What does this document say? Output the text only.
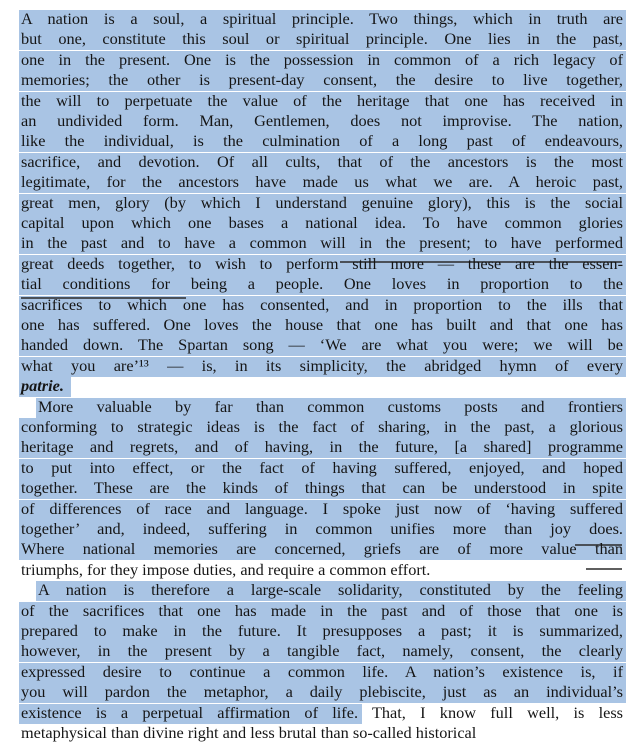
A nation is a soul, a spiritual principle. Two things, which in truth are
but one, constitute this soul or spiritual principle. One lies in the past,
one in the present. One is the possession in common of a rich legacy of
memories; the other is present-day consent, the desire to live together,
the will to perpetuate the value of the heritage that one has received in
an undivided form. Man, Gentlemen, does not improvise. The nation,
like the individual, is the culmination of a long past of endeavours,
sacrifice, and devotion. Of all cults, that of the ancestors is the most
legitimate, for the ancestors have made us what we are. A heroic past,
great men, glory (by which I understand genuine glory), this is the social
capital upon which one bases a national idea. To have common glories
in the past and to have a common will in the present; to have performed
great deeds together, to wish to perform still more — these are the essen-
tial conditions for being a people. One loves in proportion to the
sacrifices to which one has consented, and in proportion to the ills that
one has suffered. One loves the house that one has built and that one has
handed down. The Spartan song — ‘We are what you were; we will be
what you are’¹³ — is, in its simplicity, the abridged hymn of every
patrie.
More valuable by far than common customs posts and frontiers
conforming to strategic ideas is the fact of sharing, in the past, a glorious
heritage and regrets, and of having, in the future, [a shared] programme
to put into effect, or the fact of having suffered, enjoyed, and hoped
together. These are the kinds of things that can be understood in spite
of differences of race and language. I spoke just now of ‘having suffered
together’ and, indeed, suffering in common unifies more than joy does.
Where national memories are concerned, griefs are of more value than
triumphs, for they impose duties, and require a common effort.
A nation is therefore a large-scale solidarity, constituted by the feeling
of the sacrifices that one has made in the past and of those that one is
prepared to make in the future. It presupposes a past; it is summarized,
however, in the present by a tangible fact, namely, consent, the clearly
expressed desire to continue a common life. A nation’s existence is, if
you will pardon the metaphor, a daily plebiscite, just as an individual’s
existence is a perpetual affirmation of life. That, I know full well, is less
metaphysical than divine right and less brutal than so-called historical
